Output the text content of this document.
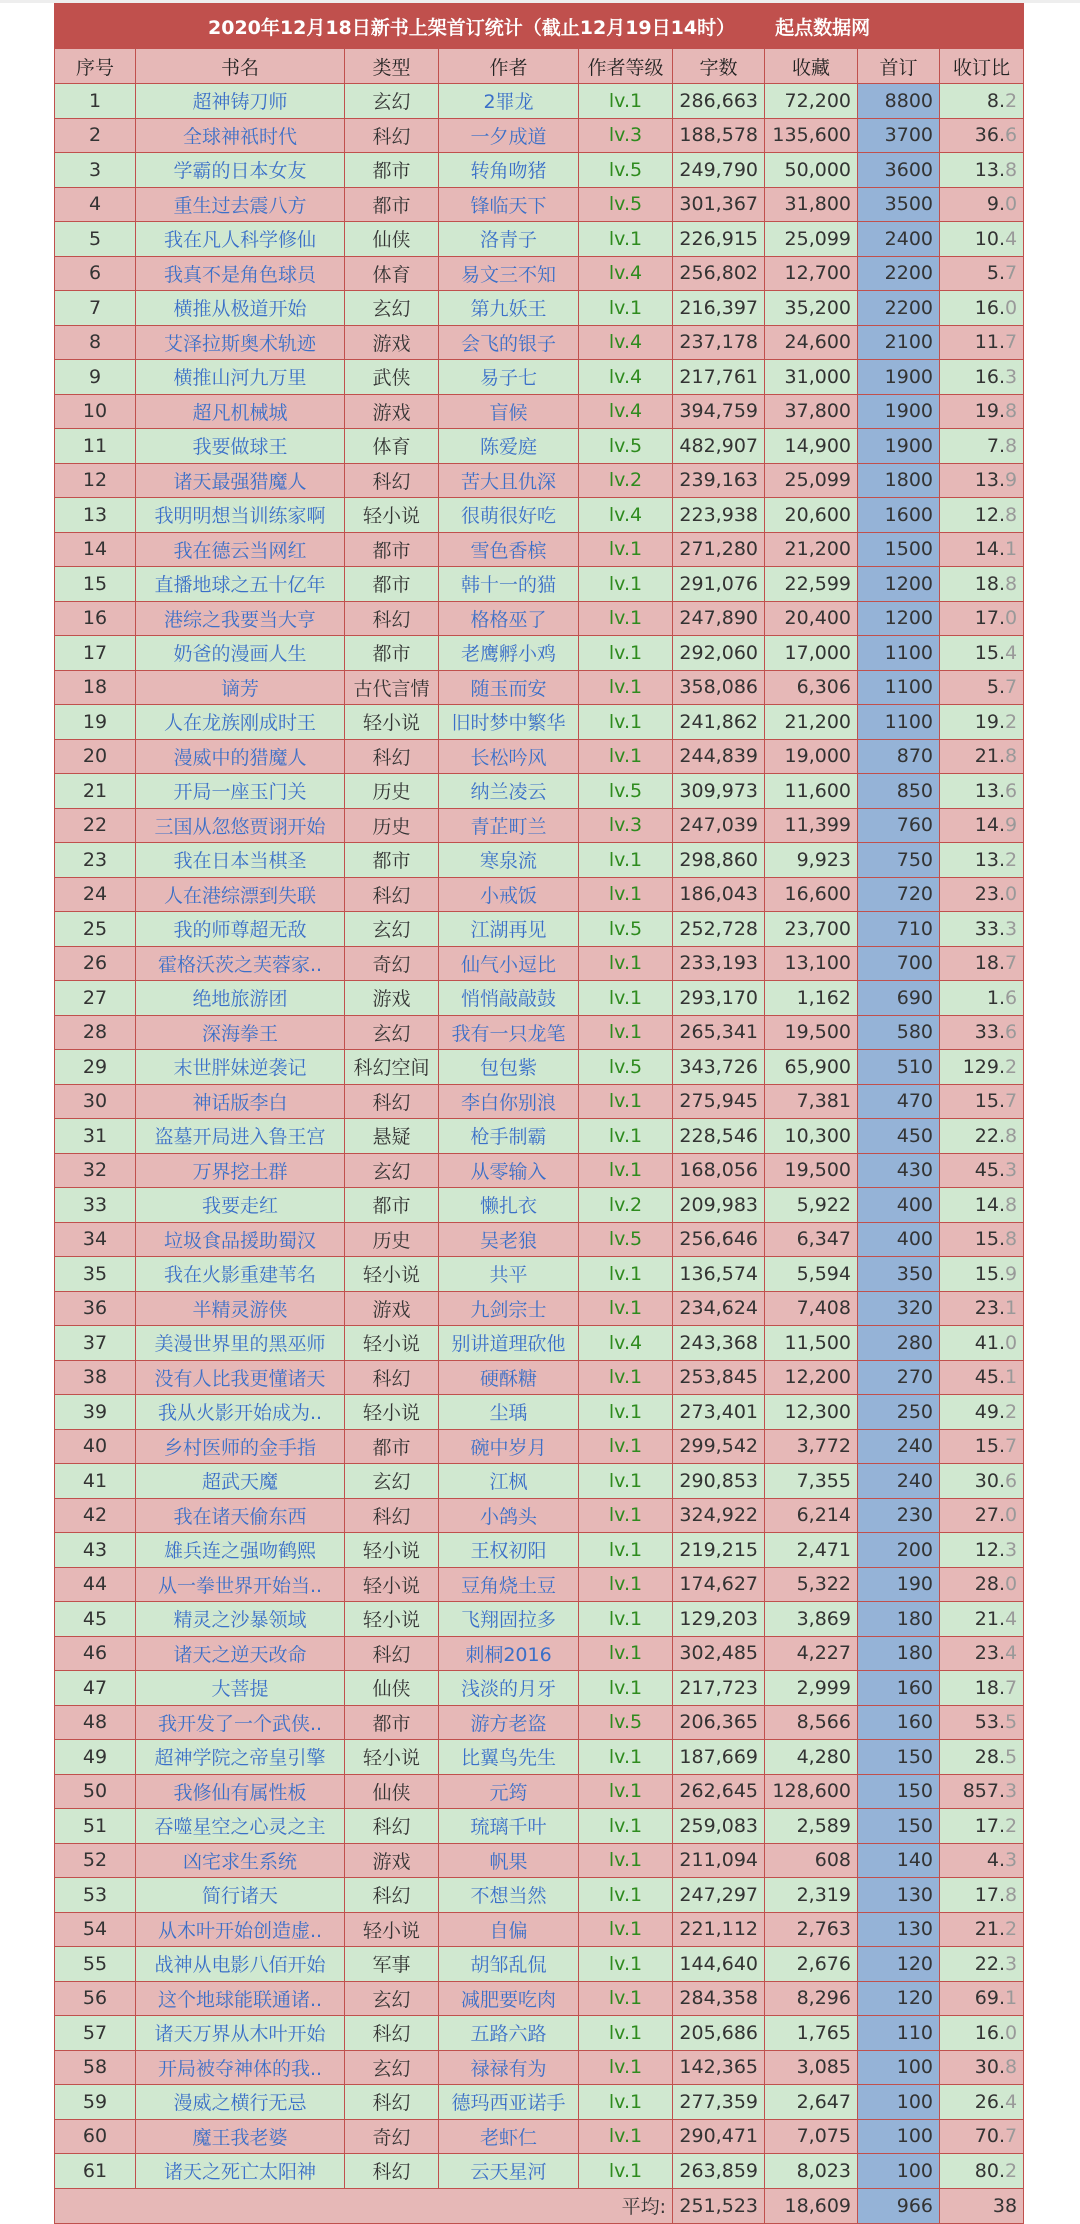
2020年12月18日新书上架首订统计（截止12月19日14时） 起点数据网								
序号	书名	类型	作者	作者等级	字数	收藏	首订	收订比
1	超神铸刀师	玄幻	2罪龙	lv.1	286,663	72,200	8800	8.2
2	全球神祇时代	科幻	一夕成道	lv.3	188,578	135,600	3700	36.6
3	学霸的日本女友	都市	转角吻猪	lv.5	249,790	50,000	3600	13.8
4	重生过去震八方	都市	锋临天下	lv.5	301,367	31,800	3500	9.0
5	我在凡人科学修仙	仙侠	洛青子	lv.1	226,915	25,099	2400	10.4
6	我真不是角色球员	体育	易文三不知	lv.4	256,802	12,700	2200	5.7
7	横推从极道开始	玄幻	第九妖王	lv.1	216,397	35,200	2200	16.0
8	艾泽拉斯奥术轨迹	游戏	会飞的银子	lv.4	237,178	24,600	2100	11.7
9	横推山河九万里	武侠	易子七	lv.4	217,761	31,000	1900	16.3
10	超凡机械城	游戏	盲候	lv.4	394,759	37,800	1900	19.8
11	我要做球王	体育	陈爱庭	lv.5	482,907	14,900	1900	7.8
12	诸天最强猎魔人	科幻	苦大且仇深	lv.2	239,163	25,099	1800	13.9
13	我明明想当训练家啊	轻小说	很萌很好吃	lv.4	223,938	20,600	1600	12.8
14	我在德云当网红	都市	雪色香槟	lv.1	271,280	21,200	1500	14.1
15	直播地球之五十亿年	都市	韩十一的猫	lv.1	291,076	22,599	1200	18.8
16	港综之我要当大亨	科幻	格格巫了	lv.1	247,890	20,400	1200	17.0
17	奶爸的漫画人生	都市	老鹰孵小鸡	lv.1	292,060	17,000	1100	15.4
18	谪芳	古代言情	随玉而安	lv.1	358,086	6,306	1100	5.7
19	人在龙族刚成时王	轻小说	旧时梦中繁华	lv.1	241,862	21,200	1100	19.2
20	漫威中的猎魔人	科幻	长松吟风	lv.1	244,839	19,000	870	21.8
21	开局一座玉门关	历史	纳兰凌云	lv.5	309,973	11,600	850	13.6
22	三国从忽悠贾诩开始	历史	青芷町兰	lv.3	247,039	11,399	760	14.9
23	我在日本当棋圣	都市	寒泉流	lv.1	298,860	9,923	750	13.2
24	人在港综漂到失联	科幻	小戒饭	lv.1	186,043	16,600	720	23.0
25	我的师尊超无敌	玄幻	江湖再见	lv.5	252,728	23,700	710	33.3
26	霍格沃茨之芙蓉家..	奇幻	仙气小逗比	lv.1	233,193	13,100	700	18.7
27	绝地旅游团	游戏	悄悄敲敲鼓	lv.1	293,170	1,162	690	1.6
28	深海拳王	玄幻	我有一只龙笔	lv.1	265,341	19,500	580	33.6
29	末世胖妹逆袭记	科幻空间	包包紫	lv.5	343,726	65,900	510	129.2
30	神话版李白	科幻	李白你别浪	lv.1	275,945	7,381	470	15.7
31	盗墓开局进入鲁王宫	悬疑	枪手制霸	lv.1	228,546	10,300	450	22.8
32	万界挖土群	玄幻	从零输入	lv.1	168,056	19,500	430	45.3
33	我要走红	都市	懒扎衣	lv.2	209,983	5,922	400	14.8
34	垃圾食品援助蜀汉	历史	吴老狼	lv.5	256,646	6,347	400	15.8
35	我在火影重建苇名	轻小说	共平	lv.1	136,574	5,594	350	15.9
36	半精灵游侠	游戏	九剑宗士	lv.1	234,624	7,408	320	23.1
37	美漫世界里的黑巫师	轻小说	别讲道理砍他	lv.4	243,368	11,500	280	41.0
38	没有人比我更懂诸天	科幻	硬酥糖	lv.1	253,845	12,200	270	45.1
39	我从火影开始成为..	轻小说	尘瑀	lv.1	273,401	12,300	250	49.2
40	乡村医师的金手指	都市	碗中岁月	lv.1	299,542	3,772	240	15.7
41	超武天魔	玄幻	江枫	lv.1	290,853	7,355	240	30.6
42	我在诸天偷东西	科幻	小鸽头	lv.1	324,922	6,214	230	27.0
43	雄兵连之强吻鹤熙	轻小说	王权初阳	lv.1	219,215	2,471	200	12.3
44	从一拳世界开始当..	轻小说	豆角烧土豆	lv.1	174,627	5,322	190	28.0
45	精灵之沙暴领域	轻小说	飞翔固拉多	lv.1	129,203	3,869	180	21.4
46	诸天之逆天改命	科幻	刺桐2016	lv.1	302,485	4,227	180	23.4
47	大菩提	仙侠	浅淡的月牙	lv.1	217,723	2,999	160	18.7
48	我开发了一个武侠..	都市	游方老盗	lv.5	206,365	8,566	160	53.5
49	超神学院之帝皇引擎	轻小说	比翼鸟先生	lv.1	187,669	4,280	150	28.5
50	我修仙有属性板	仙侠	元筠	lv.1	262,645	128,600	150	857.3
51	吞噬星空之心灵之主	科幻	琉璃千叶	lv.1	259,083	2,589	150	17.2
52	凶宅求生系统	游戏	帆果	lv.1	211,094	608	140	4.3
53	简行诸天	科幻	不想当然	lv.1	247,297	2,319	130	17.8
54	从木叶开始创造虚..	轻小说	自偏	lv.1	221,112	2,763	130	21.2
55	战神从电影八佰开始	军事	胡邹乱侃	lv.1	144,640	2,676	120	22.3
56	这个地球能联通诸..	玄幻	减肥要吃肉	lv.1	284,358	8,296	120	69.1
57	诸天万界从木叶开始	科幻	五路六路	lv.1	205,686	1,765	110	16.0
58	开局被夺神体的我..	玄幻	禄禄有为	lv.1	142,365	3,085	100	30.8
59	漫威之横行无忌	科幻	德玛西亚诺手	lv.1	277,359	2,647	100	26.4
60	魔王我老婆	奇幻	老虾仁	lv.1	290,471	7,075	100	70.7
61	诸天之死亡太阳神	科幻	云天星河	lv.1	263,859	8,023	100	80.2
平均:					251,523	18,609	966	38
